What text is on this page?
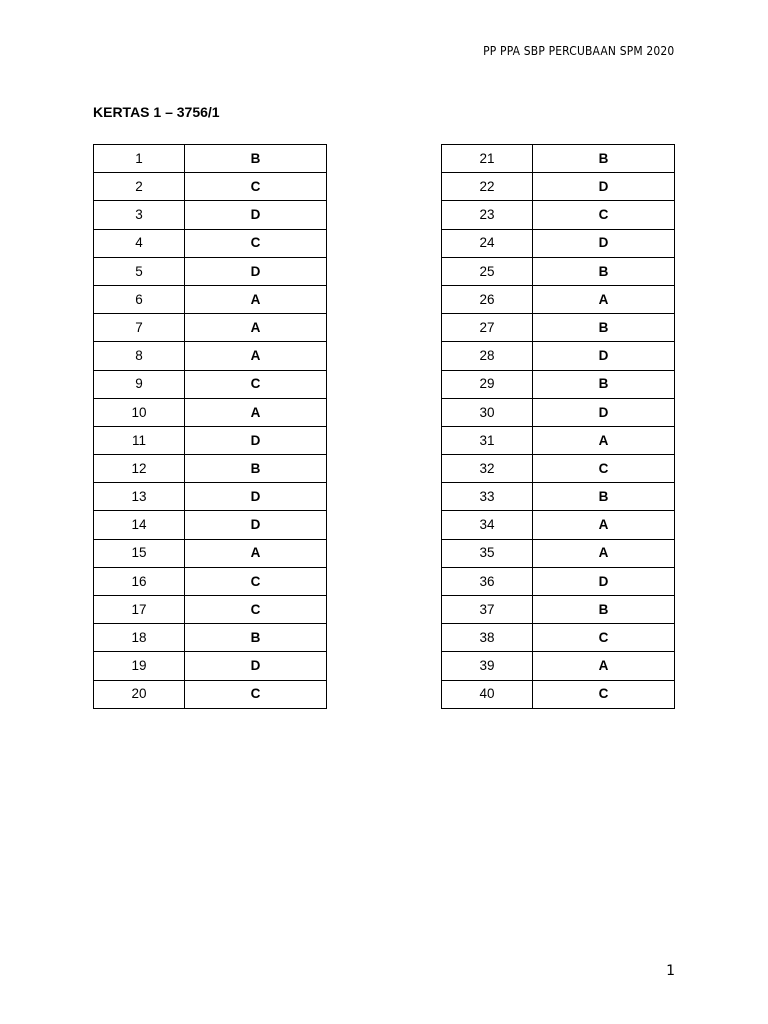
PP PPA SBP PERCUBAAN SPM 2020
KERTAS 1 – 3756/1
1	B
2	C
3	D
4	C
5	D
6	A
7	A
8	A
9	C
10	A
11	D
12	B
13	D
14	D
15	A
16	C
17	C
18	B
19	D
20	C
21	B
22	D
23	C
24	D
25	B
26	A
27	B
28	D
29	B
30	D
31	A
32	C
33	B
34	A
35	A
36	D
37	B
38	C
39	A
40	C
1
